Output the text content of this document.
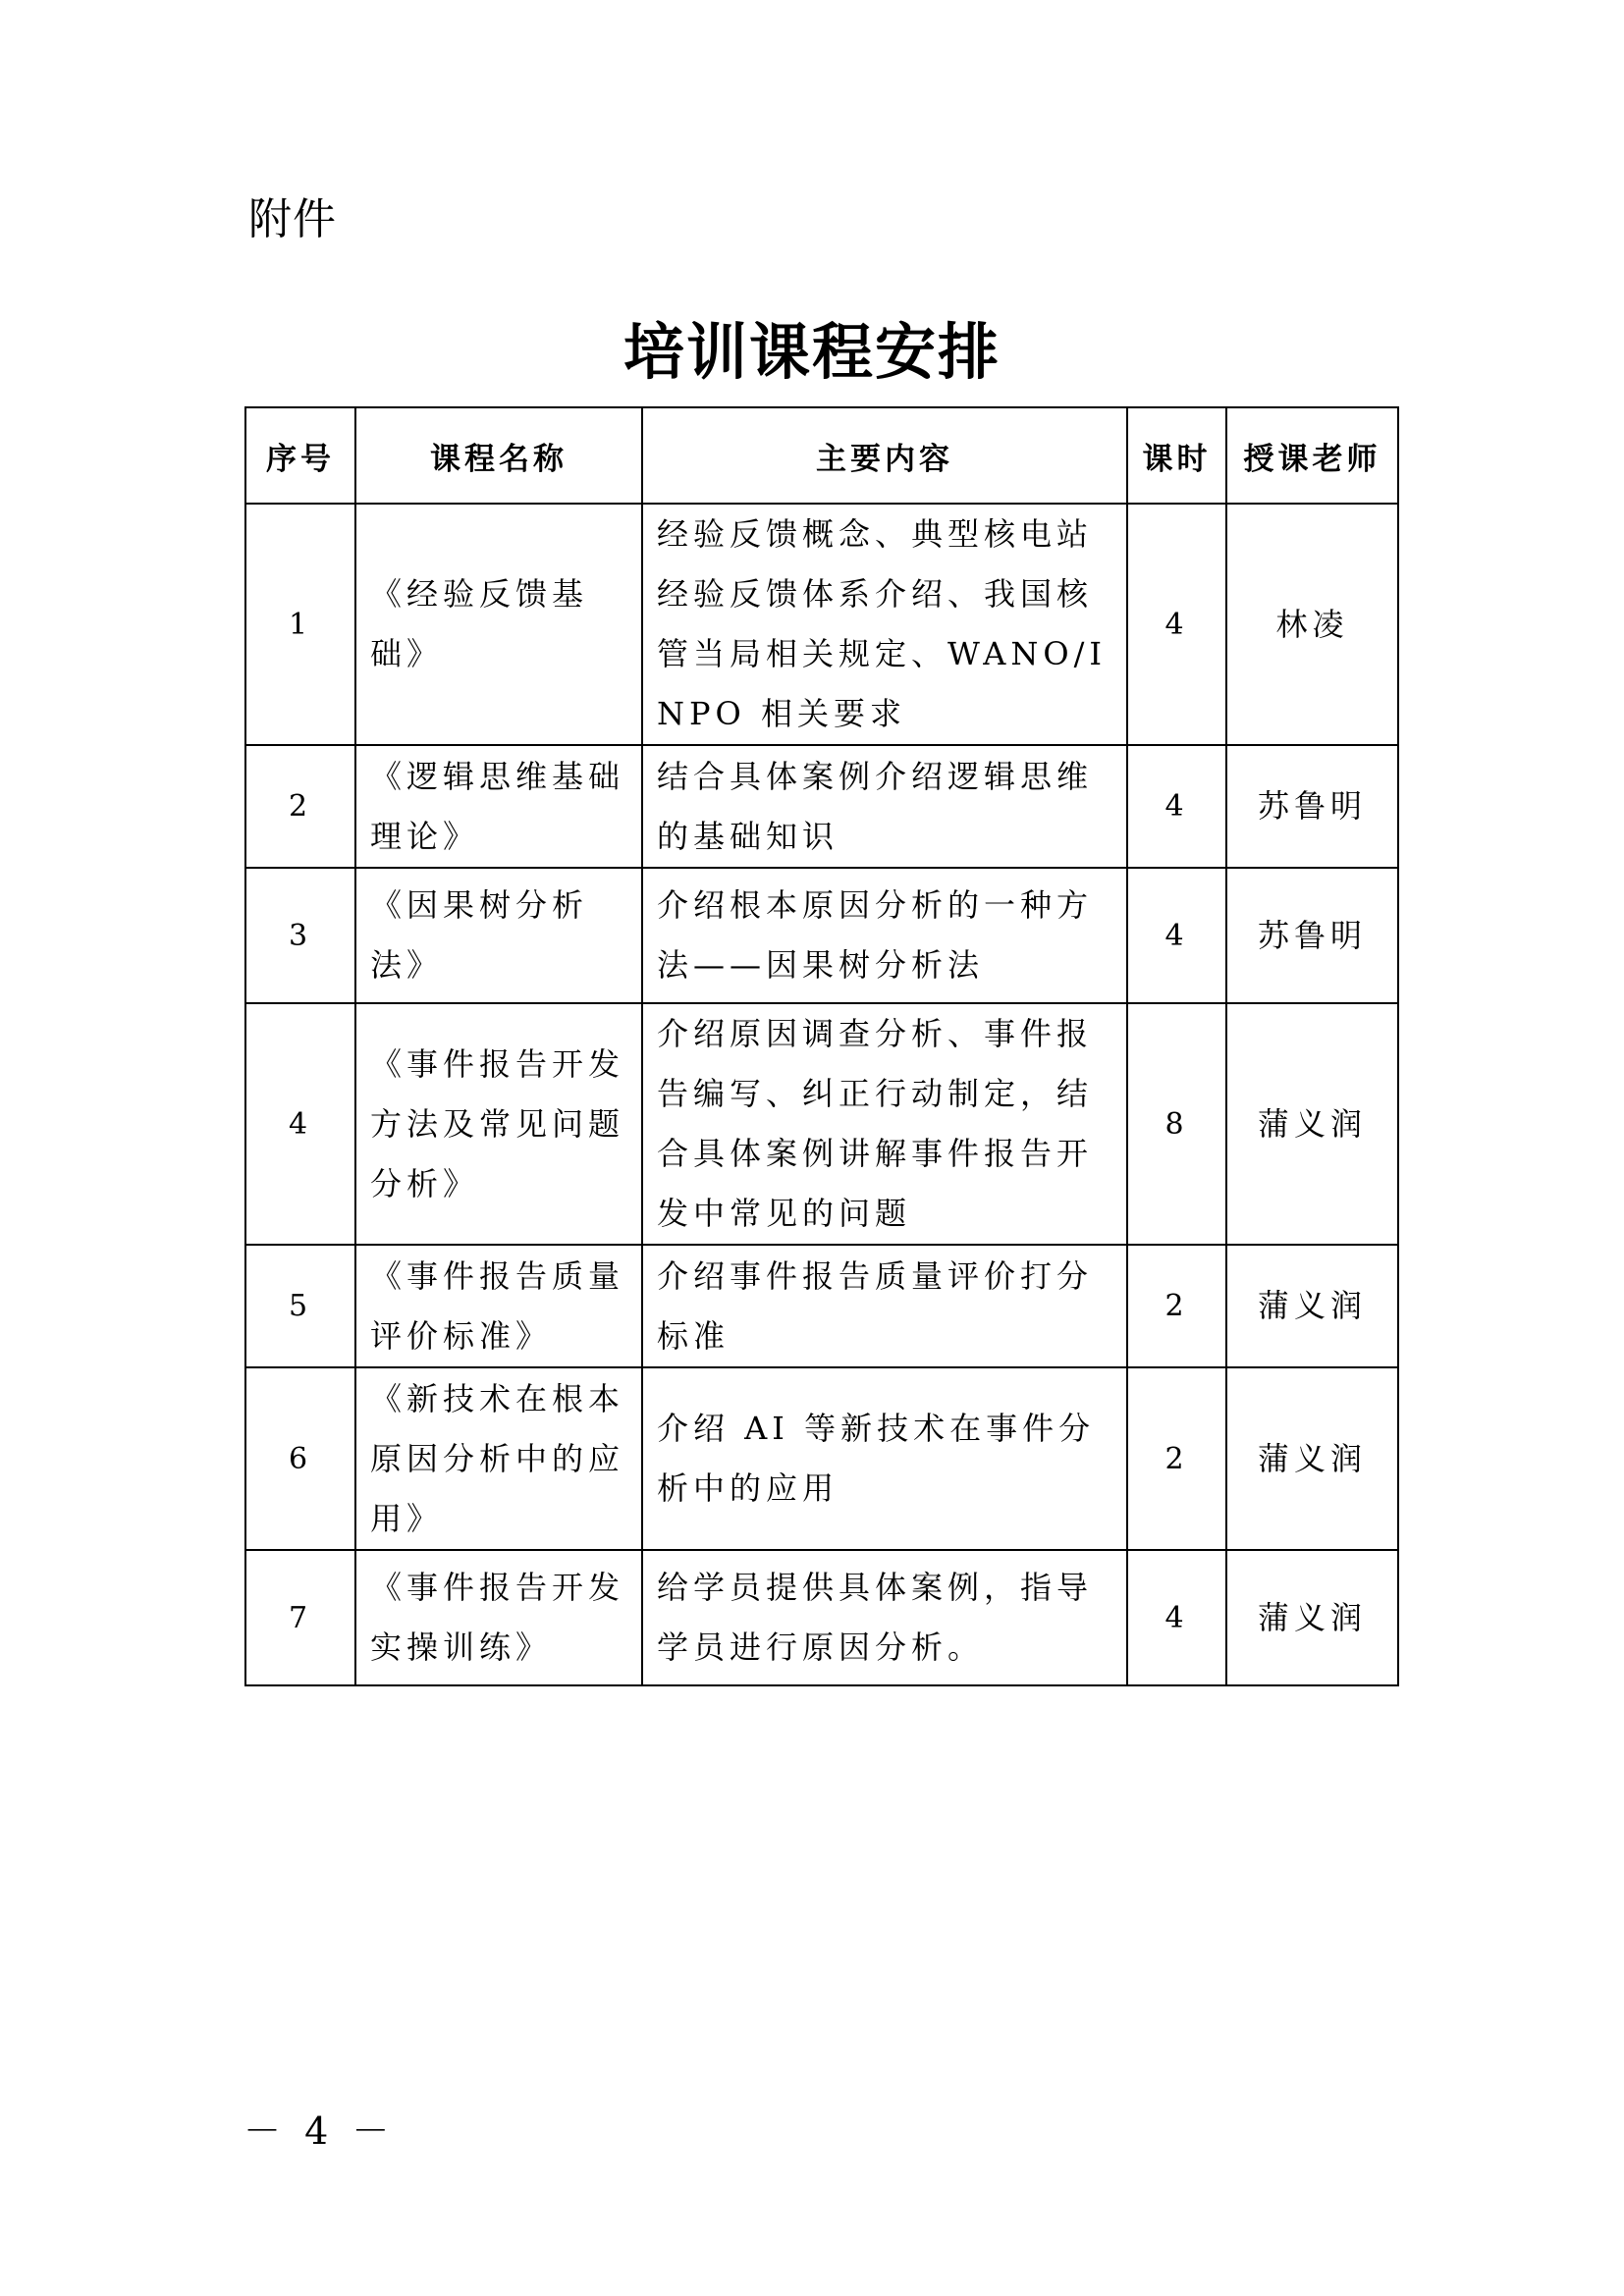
附件
培训课程安排
序号	课程名称	主要内容	课时	授课老师
1	《经验反馈基础》	经验反馈概念、典型核电站经验反馈体系介绍、我国核管当局相关规定、WANO/INPO 相关要求	4	林凌
2	《逻辑思维基础理论》	结合具体案例介绍逻辑思维的基础知识	4	苏鲁明
3	《因果树分析法》	介绍根本原因分析的一种方法——因果树分析法	4	苏鲁明
4	《事件报告开发方法及常见问题分析》	介绍原因调查分析、事件报告编写、纠正行动制定，结合具体案例讲解事件报告开发中常见的问题	8	蒲义润
5	《事件报告质量评价标准》	介绍事件报告质量评价打分标准	2	蒲义润
6	《新技术在根本原因分析中的应用》	介绍 AI 等新技术在事件分析中的应用	2	蒲义润
7	《事件报告开发实操训练》	给学员提供具体案例，指导学员进行原因分析。	4	蒲义润
－ 4 －
